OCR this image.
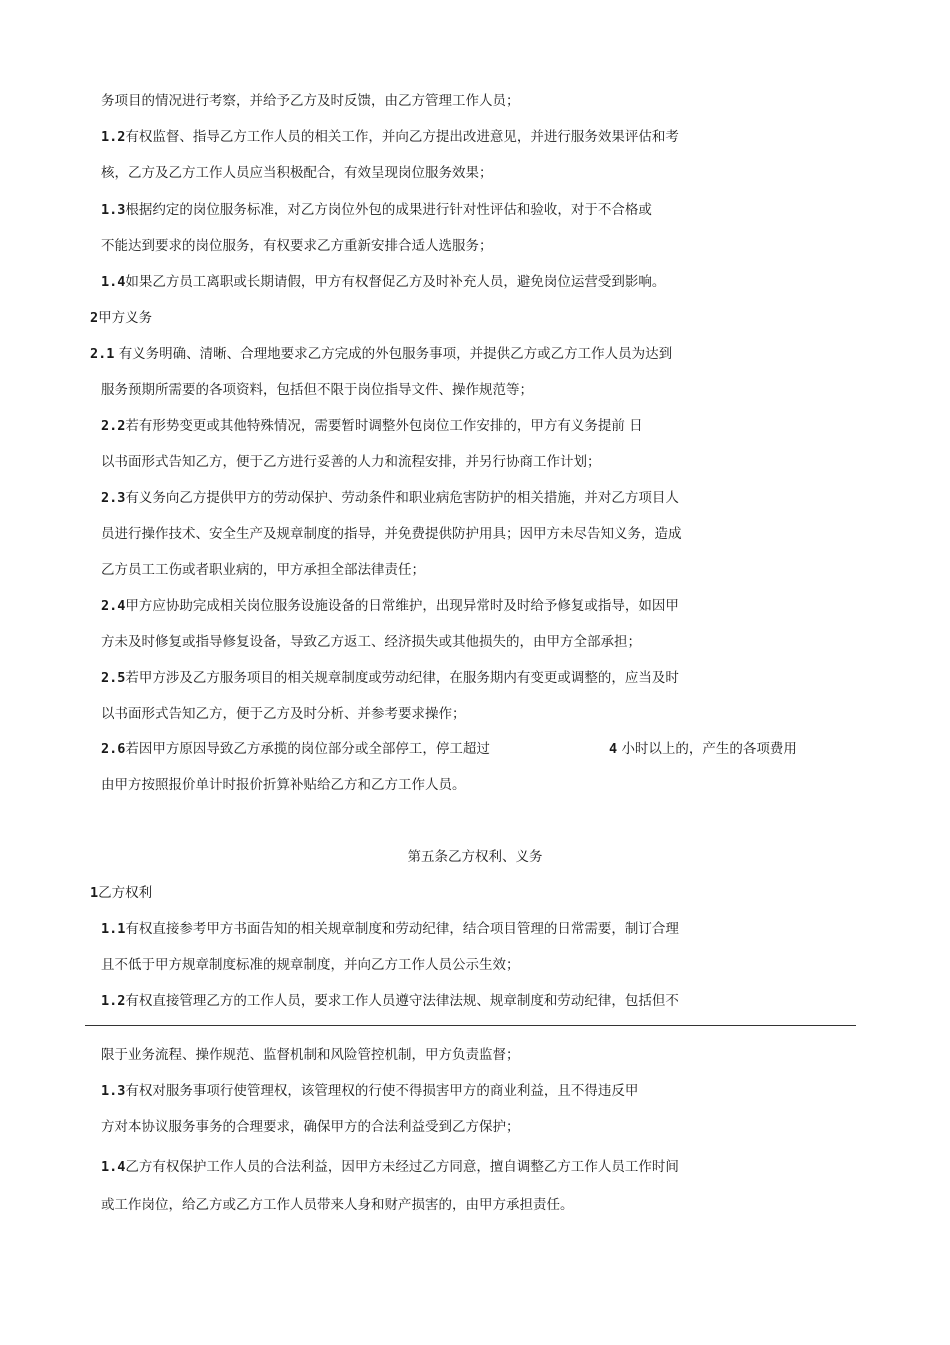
务项目的情况进行考察，并给予乙方及时反馈，由乙方管理工作人员；
1.2有权监督、指导乙方工作人员的相关工作，并向乙方提出改进意见，并进行服务效果评估和考
核，乙方及乙方工作人员应当积极配合，有效呈现岗位服务效果；
1.3根据约定的岗位服务标准，对乙方岗位外包的成果进行针对性评估和验收，对于不合格或
不能达到要求的岗位服务，有权要求乙方重新安排合适人选服务；
1.4如果乙方员工离职或长期请假，甲方有权督促乙方及时补充人员，避免岗位运营受到影响。
2甲方义务
2.1 有义务明确、清晰、合理地要求乙方完成的外包服务事项，并提供乙方或乙方工作人员为达到
服务预期所需要的各项资料，包括但不限于岗位指导文件、操作规范等；
2.2若有形势变更或其他特殊情况，需要暂时调整外包岗位工作安排的，甲方有义务提前 日
以书面形式告知乙方，便于乙方进行妥善的人力和流程安排，并另行协商工作计划；
2.3有义务向乙方提供甲方的劳动保护、劳动条件和职业病危害防护的相关措施，并对乙方项目人
员进行操作技术、安全生产及规章制度的指导，并免费提供防护用具；因甲方未尽告知义务，造成
乙方员工工伤或者职业病的，甲方承担全部法律责任；
2.4甲方应协助完成相关岗位服务设施设备的日常维护，出现异常时及时给予修复或指导，如因甲
方未及时修复或指导修复设备，导致乙方返工、经济损失或其他损失的，由甲方全部承担；
2.5若甲方涉及乙方服务项目的相关规章制度或劳动纪律，在服务期内有变更或调整的，应当及时
以书面形式告知乙方，便于乙方及时分析、并参考要求操作；
2.6若因甲方原因导致乙方承揽的岗位部分或全部停工，停工超过	4 小时以上的，产生的各项费用
由甲方按照报价单计时报价折算补贴给乙方和乙方工作人员。
第五条乙方权利、义务
1乙方权利
1.1有权直接参考甲方书面告知的相关规章制度和劳动纪律，结合项目管理的日常需要，制订合理
且不低于甲方规章制度标准的规章制度，并向乙方工作人员公示生效；
1.2有权直接管理乙方的工作人员，要求工作人员遵守法律法规、规章制度和劳动纪律，包括但不
限于业务流程、操作规范、监督机制和风险管控机制，甲方负责监督；
1.3有权对服务事项行使管理权，该管理权的行使不得损害甲方的商业利益，且不得违反甲
方对本协议服务事务的合理要求，确保甲方的合法利益受到乙方保护；
1.4乙方有权保护工作人员的合法利益，因甲方未经过乙方同意，擅自调整乙方工作人员工作时间
或工作岗位，给乙方或乙方工作人员带来人身和财产损害的，由甲方承担责任。
